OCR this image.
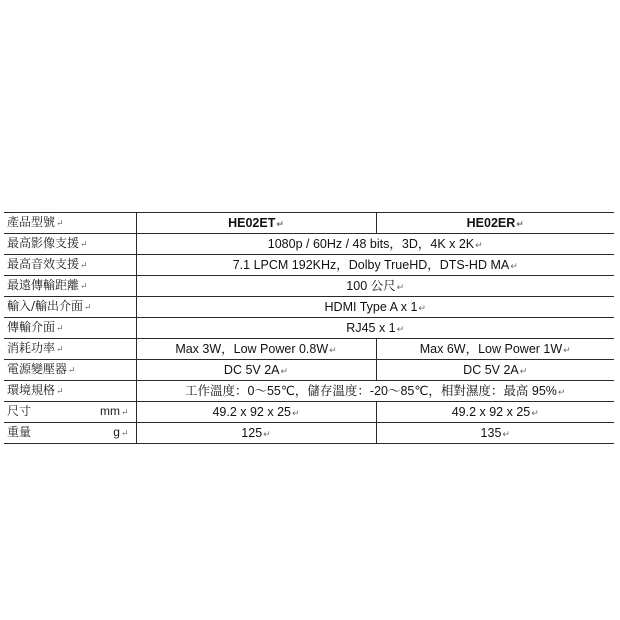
產品型號↵	HE02ET↵	HE02ER↵
最高影像支援↵	1080p / 60Hz / 48 bits，3D，4K x 2K↵	
最高音效支援↵	7.1 LPCM 192KHz，Dolby TrueHD，DTS-HD MA↵	
最遠傳輸距離↵	100 公尺↵	
輸入/輸出介面↵	HDMI Type A x 1↵	
傳輸介面↵	RJ45 x 1↵	
消耗功率↵	Max 3W，Low Power 0.8W↵	Max 6W，Low Power 1W↵
電源變壓器↵	DC 5V 2A↵	DC 5V 2A↵
環境規格↵	工作溫度：0～55℃，儲存溫度：-20～85℃，相對濕度：最高 95%↵	

尺寸 mm↵	49.2 x 92 x 25↵	49.2 x 92 x 25↵

重量 g↵	125↵	135↵
